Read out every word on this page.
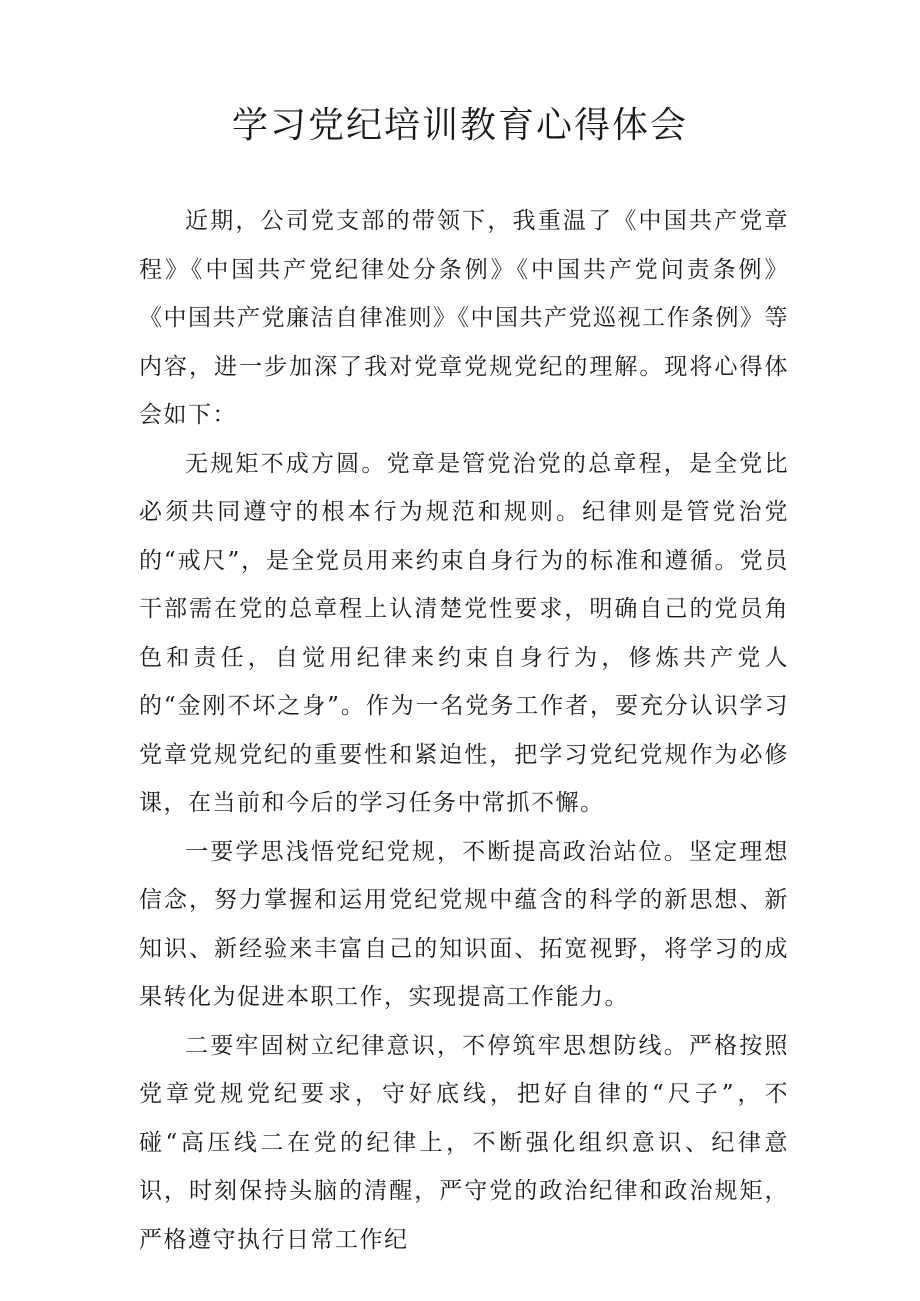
学习党纪培训教育心得体会

近期，公司党支部的带领下，我重温了《中国共产党章程》《中国共产党纪律处分条例》《中国共产党问责条例》《中国共产党廉洁自律准则》《中国共产党巡视工作条例》等内容，进一步加深了我对党章党规党纪的理解。现将心得体会如下：

无规矩不成方圆。党章是管党治党的总章程，是全党比必须共同遵守的根本行为规范和规则。纪律则是管党治党的“戒尺”，是全党员用来约束自身行为的标准和遵循。党员干部需在党的总章程上认清楚党性要求，明确自己的党员角色和责任，自觉用纪律来约束自身行为，修炼共产党人的“金刚不坏之身”。作为一名党务工作者，要充分认识学习党章党规党纪的重要性和紧迫性，把学习党纪党规作为必修课，在当前和今后的学习任务中常抓不懈。

一要学思浅悟党纪党规，不断提高政治站位。坚定理想信念，努力掌握和运用党纪党规中蕴含的科学的新思想、新知识、新经验来丰富自己的知识面、拓宽视野，将学习的成果转化为促进本职工作，实现提高工作能力。

二要牢固树立纪律意识，不停筑牢思想防线。严格按照党章党规党纪要求，守好底线，把好自律的“尺子”，不碰“高压线二在党的纪律上，不断强化组织意识、纪律意识，时刻保持头脑的清醒，严守党的政治纪律和政治规矩，严格遵守执行日常工作纪
